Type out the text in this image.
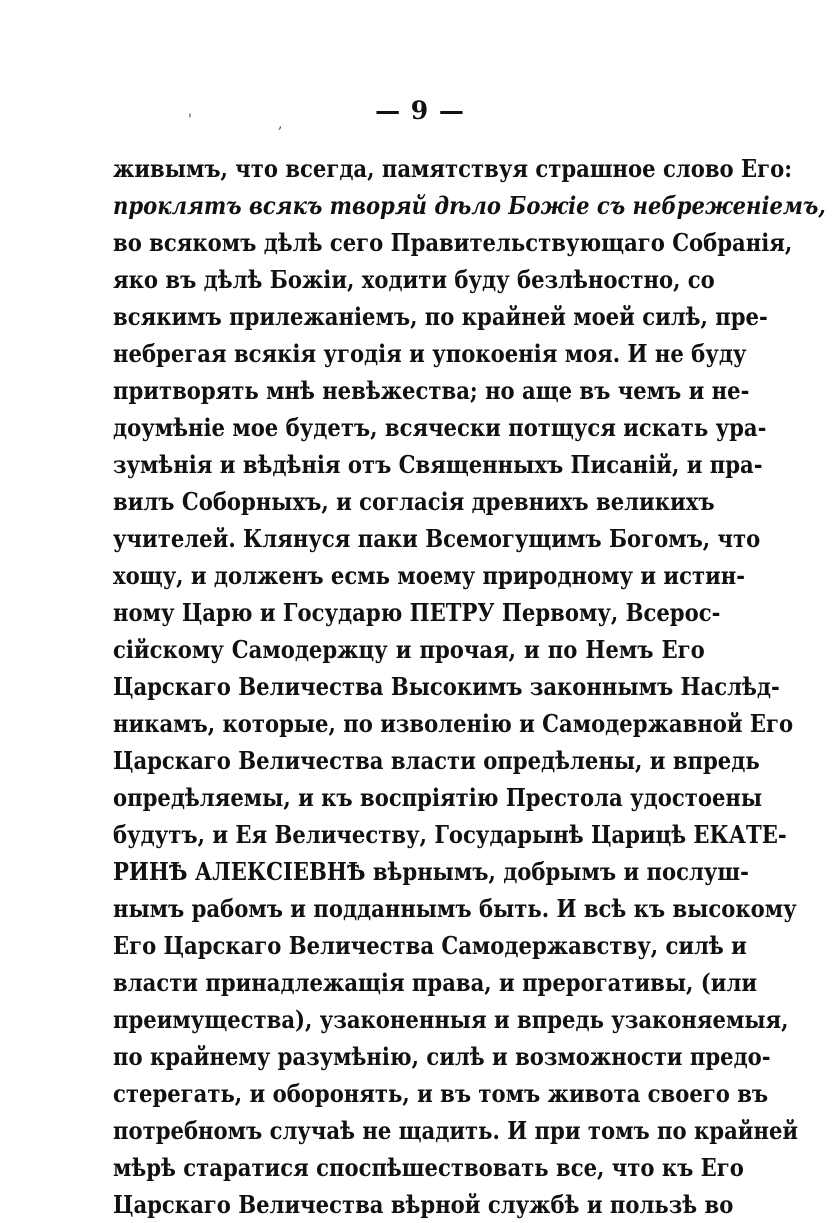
— 9 —
'	,
живымъ, что всегда, памятствуя страшное слово Его:
проклятъ всякъ творяй дѣло Божіе съ небреженіемъ,
во всякомъ дѣлѣ сего Правительствующаго Собранія,
яко въ дѣлѣ Божіи, ходити буду безлѣностно, со
всякимъ прилежаніемъ, по крайней моей силѣ, пре-
небрегая всякія угодія и упокоенія моя. И не буду
притворять мнѣ невѣжества; но аще въ чемъ и не-
доумѣніе мое будетъ, всячески потщуся искать ура-
зумѣнія и вѣдѣнія отъ Священныхъ Писаній, и пра-
вилъ Соборныхъ, и согласія древнихъ великихъ
учителей. Клянуся паки Всемогущимъ Богомъ, что
хощу, и долженъ есмь моему природному и истин-
ному Царю и Государю ПЕТРУ Первому, Всерос-
сійскому Самодержцу и прочая, и по Немъ Его
Царскаго Величества Высокимъ законнымъ Наслѣд-
никамъ, которые, по изволенію и Самодержавной Его
Царскаго Величества власти опредѣлены, и впредь
опредѣляемы, и къ воспріятію Престола удостоены
будутъ, и Ея Величеству, Государынѣ Царицѣ ЕКАТЕ-
РИНѢ АЛЕКСІЕВНѢ вѣрнымъ, добрымъ и послуш-
нымъ рабомъ и подданнымъ быть. И всѣ къ высокому
Его Царскаго Величества Самодержавству, силѣ и
власти принадлежащія права, и прерогативы, (или
преимущества), узаконенныя и впредь узаконяемыя,
по крайнему разумѣнію, силѣ и возможности предо-
стерегать, и оборонять, и въ томъ живота своего въ
потребномъ случаѣ не щадить. И при томъ по крайней
мѣрѣ старатися споспѣшествовать все, что къ Его
Царскаго Величества вѣрной службѣ и пользѣ во
